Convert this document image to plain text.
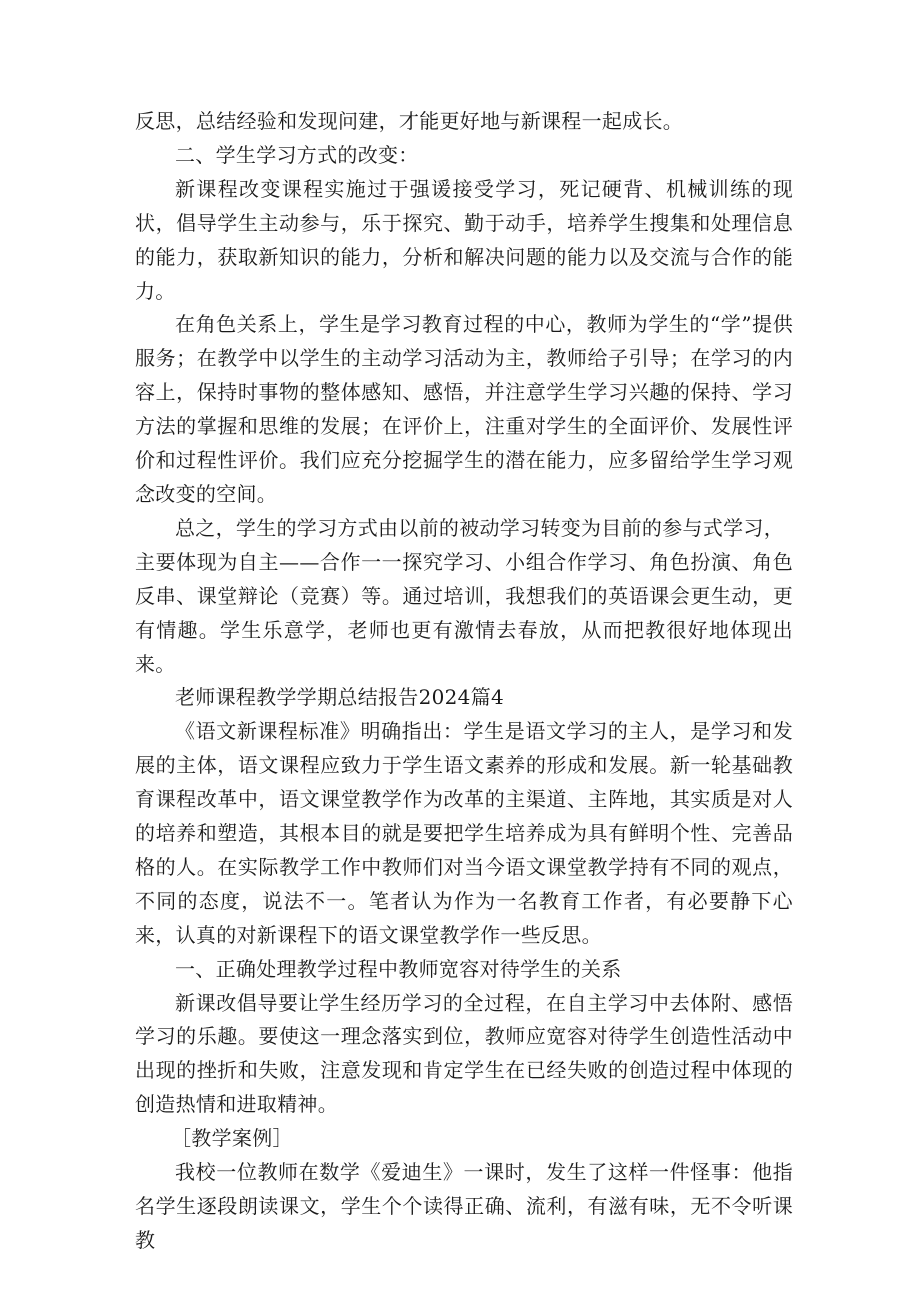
反思，总结经验和发现问建，才能更好地与新课程一起成长。

二、学生学习方式的改变：

新课程改变课程实施过于强谖接受学习，死记硬背、机械训练的现状，倡导学生主动参与，乐于探究、勤于动手，培养学生搜集和处理信息的能力，获取新知识的能力，分析和解决问题的能力以及交流与合作的能力。

在角色关系上，学生是学习教育过程的中心，教师为学生的“学”提供服务；在教学中以学生的主动学习活动为主，教师给子引导；在学习的内容上，保持时事物的整体感知、感悟，并注意学生学习兴趣的保持、学习方法的掌握和思维的发展；在评价上，注重对学生的全面评价、发展性评价和过程性评价。我们应充分挖掘学生的潜在能力，应多留给学生学习观念改变的空间。

总之，学生的学习方式由以前的被动学习转变为目前的参与式学习，

主要体现为自主——合作一一探究学习、小组合作学习、角色扮演、角色反串、课堂辩论（竞赛）等。通过培训，我想我们的英语课会更生动，更有情趣。学生乐意学，老师也更有激情去春放，从而把教很好地体现出来。

老师课程教学学期总结报告2024篇4

《语文新课程标准》明确指出：学生是语文学习的主人，是学习和发展的主体，语文课程应致力于学生语文素养的形成和发展。新一轮基础教育课程改革中，语文课堂教学作为改革的主渠道、主阵地，其实质是对人的培养和塑造，其根本目的就是要把学生培养成为具有鲜明个性、完善品格的人。在实际教学工作中教师们对当今语文课堂教学持有不同的观点，不同的态度，说法不一。笔者认为作为一名教育工作者，有必要静下心来，认真的对新课程下的语文课堂教学作一些反思。

一、正确处理教学过程中教师宽容对待学生的关系

新课改倡导要让学生经历学习的全过程，在自主学习中去体附、感悟学习的乐趣。要使这一理念落实到位，教师应宽容对待学生创造性活动中出现的挫折和失败，注意发现和肯定学生在已经失败的创造过程中体现的创造热情和进取精神。

［教学案例］

我校一位教师在数学《爱迪生》一课时，发生了这样一件怪事：他指名学生逐段朗读课文，学生个个读得正确、流利，有滋有味，无不令听课教
